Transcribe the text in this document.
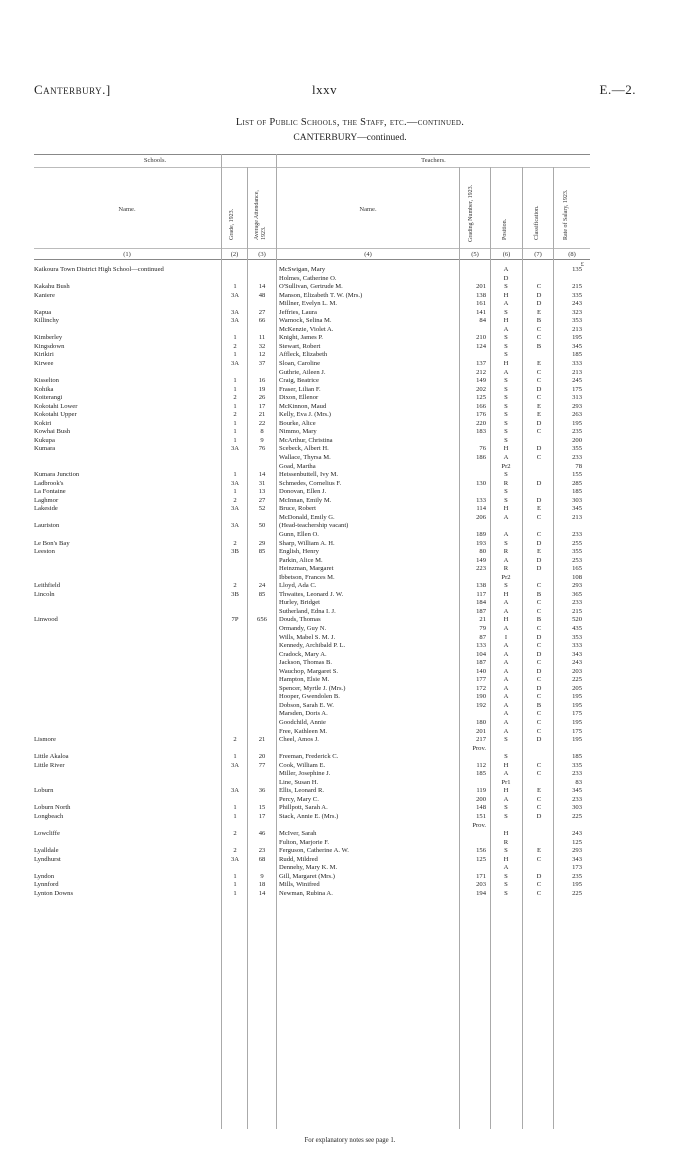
Canterbury.]	lxxv	E.—2.
List of Public Schools, the Staff, etc.—continued.
CANTERBURY—continued.
Schools.	Teachers.
Name.	Grade, 1923.	Average Attendance, 1923.
Name.	Grading Number, 1923.	Position.	Classification.	Rate of Salary, 1923.
(1)	(2)	(3)	(4)	(5)	(6)	(7)	(8)
£
Kaikoura Town District High School—continued	McSwigan, Mary	A	135
Holmes, Catherine O.	D
Kakahu Bush	1	14	O'Sullivan, Gertrude M.	201	S	C	215
Kaniere	3A	48	Manson, Elizabeth T. W. (Mrs.)	138	H	D	335
Millner, Evelyn L. M.	161	A	D	243
Kapua	3A	27	Jeffries, Laura	141	S	E	323
Killinchy	3A	66	Warnock, Selina M.	84	H	B	353
McKenzie, Violet A.	A	C	213
Kimberley	1	11	Knight, James P.	210	S	C	195
Kingsdown	2	32	Stewart, Robert	124	S	B	345
Kirikiri	1	12	Affleck, Elizabeth	S	185
Kirwee	3A	37	Sloan, Caroline	137	H	E	333
Guthrie, Aileen J.	212	A	C	213
Kisselton	1	16	Craig, Beatrice	149	S	C	245
Kohika	1	19	Fraser, Lilian F.	202	S	D	175
Koiterangi	2	26	Dixon, Ellenor	125	S	C	313
Kokotahi Lower	1	17	McKinnon, Maud	166	S	E	293
Kokotahi Upper	2	21	Kelly, Eva J. (Mrs.)	176	S	E	263
Kokiri	1	22	Bourke, Alice	220	S	D	195
Kowhai Bush	1	8	Nimmo, Mary	183	S	C	235
Kukupa	1	9	McArthur, Christina	S	200
Kumara	3A	76	Scebeck, Albert H.	76	H	D	355
Wallace, Thyrsa M.	186	A	C	233
Goad, Martha	Pr2	78
Kumara Junction	1	14	Heissenbuttell, Ivy M.	S	155
Ladbrook's	3A	31	Schmedes, Cornelius F.	130	R	D	285
La Fontaine	1	13	Donovan, Ellen J.	S	185
Laghmor	2	27	McInnan, Emily M.	133	S	D	303
Lakeside	3A	52	Bruce, Robert	114	H	E	345
McDonald, Emily G.	206	A	C	213
Lauriston	3A	50	(Head-teachership vacant)
Gunn, Ellen O.	189	A	C	233
Le Bon's Bay	2	29	Sharp, William A. H.	193	S	D	255
Leeston	3B	85	English, Henry	80	R	E	355
Parkin, Alice M.	149	A	D	253
Heinzman, Margaret	223	R	D	165
Ibbetson, Frances M.	Pr2	108
Leithfield	2	24	Lloyd, Ada C.	138	S	C	293
Lincoln	3B	85	Thwaites, Leonard J. W.	117	H	B	365
Hurley, Bridget	184	A	C	233
Sutherland, Edna I. J.	187	A	C	215
Linwood	7P	656	Douds, Thomas	21	H	B	520
Ormandy, Guy N.	79	A	C	435
Wills, Mabel S. M. J.	87	I	D	353
Kennedy, Archibald P. L.	133	A	C	333
Cradock, Mary A.	104	A	D	343
Jackson, Thomas B.	187	A	C	243
Wauchop, Margaret S.	140	A	D	203
Hampton, Elsie M.	177	A	C	225
Spencer, Myrtle J. (Mrs.)	172	A	D	205
Hooper, Gwendolen B.	190	A	C	195
Dobson, Sarah E. W.	192	A	B	195
Marsden, Doris A.	A	C	175
Goodchild, Annie	180	A	C	195
Free, Kathleen M.	201	A	C	175
Lismore	2	21	Cheel, Amos J.	217	S	D	195
Prov.
Little Akaloa	1	20	Freeman, Frederick C.	S	185
Little River	3A	77	Cook, William E.	112	H	C	335
Miller, Josephine J.	185	A	C	233
Line, Susan H.	Pr1	83
Loburn	3A	36	Ellis, Leonard R.	119	H	E	345
Percy, Mary C.	200	A	C	233
Loburn North	1	15	Phillpott, Sarah A.	148	S	C	303
Longbeach	1	17	Stack, Annie E. (Mrs.)	151	S	D	225
Prov.
Lowcliffe	2	46	McIver, Sarah	H	243
Fulton, Marjorie F.	R	125
Lyalldale	2	23	Ferguson, Catherine A. W.	156	S	E	293
Lyndhurst	3A	68	Rudd, Mildred	125	H	C	343
Dennehy, Mary K. M.	A	173
Lyndon	1	9	Gill, Margaret (Mrs.)	171	S	D	235
Lynnford	1	18	Mills, Winifred	203	S	C	195
Lynton Downs	1	14	Newman, Rubina A.	194	S	C	225
For explanatory notes see page 1.
